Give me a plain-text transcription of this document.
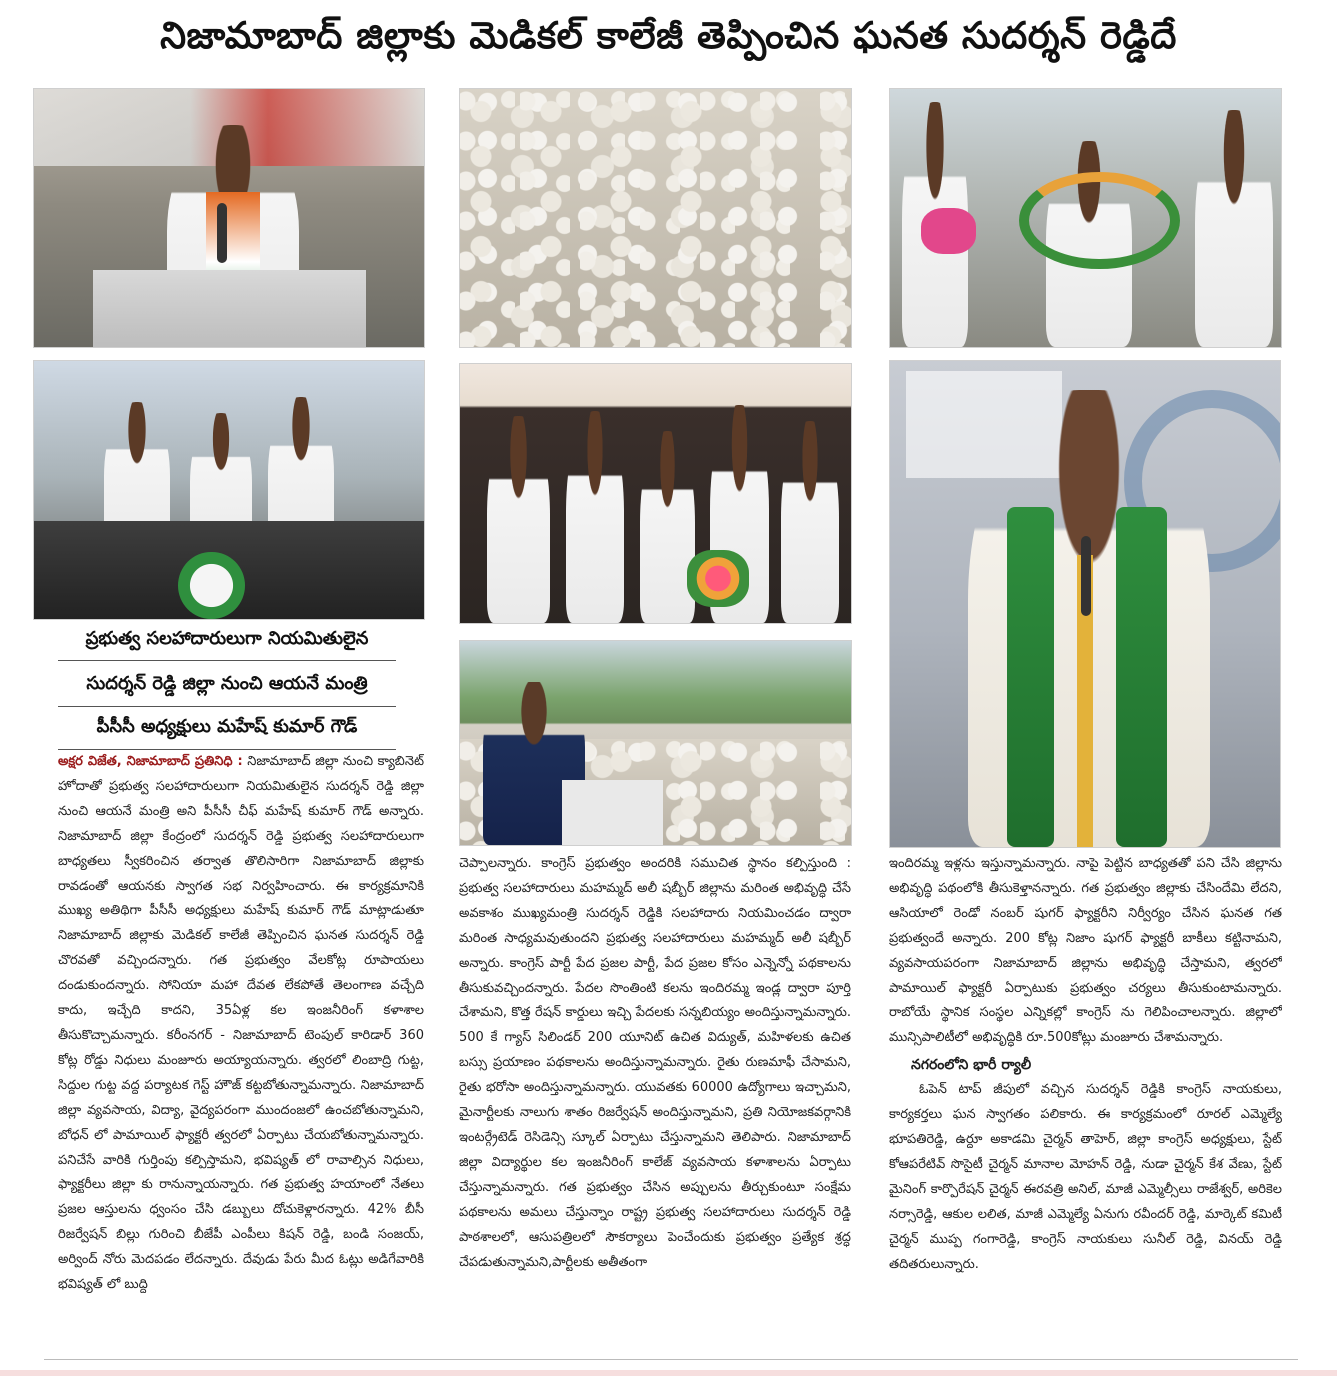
నిజామాబాద్ జిల్లాకు మెడికల్ కాలేజీ తెప్పించిన ఘనత సుదర్శన్ రెడ్డిదే
ప్రభుత్వ సలహాదారులుగా నియమితులైన
సుదర్శన్ రెడ్డి జిల్లా నుంచి ఆయనే మంత్రి
పీసీసీ అధ్యక్షులు మహేష్ కుమార్ గౌడ్
అక్షర విజేత, నిజామాబాద్ ప్రతినిధి : నిజామాబాద్ జిల్లా నుంచి క్యాబినెట్ హోదాతో ప్రభుత్వ సలహాదారులుగా నియమితులైన సుదర్శన్ రెడ్డి జిల్లా నుంచి ఆయనే మంత్రి అని పీసీసీ చీఫ్ మహేష్ కుమార్ గౌడ్ అన్నారు. నిజామాబాద్ జిల్లా కేంద్రంలో సుదర్శన్ రెడ్డి ప్రభుత్వ సలహాదారులుగా బాధ్యతలు స్వీకరించిన తర్వాత తొలిసారిగా నిజామాబాద్ జిల్లాకు రావడంతో ఆయనకు స్వాగత సభ నిర్వహించారు. ఈ కార్యక్రమానికి ముఖ్య అతిథిగా పీసీసీ అధ్యక్షులు మహేష్ కుమార్ గౌడ్ మాట్లాడుతూ నిజామాబాద్ జిల్లాకు మెడికల్ కాలేజీ తెప్పించిన ఘనత సుదర్శన్ రెడ్డి చొరవతో వచ్చిందన్నారు. గత ప్రభుత్వం వేలకోట్ల రూపాయలు దండుకుందన్నారు. సోనియా మహా దేవత లేకపోతే తెలంగాణ వచ్చేది కాదు, ఇచ్చేది కాదని, 35ఏళ్ల కల ఇంజనీరింగ్ కళాశాల తీసుకొచ్చామన్నారు. కరీంనగర్ - నిజామాబాద్ టెంపుల్ కారిడార్ 360 కోట్ల రోడ్డు నిధులు మంజూరు అయ్యాయన్నారు. త్వరలో లింబాద్రి గుట్ట, సిద్దుల గుట్ట వద్ద పర్యాటక గెస్ట్ హౌజ్ కట్టబోతున్నామన్నారు. నిజామాబాద్ జిల్లా వ్యవసాయ, విద్యా, వైద్యపరంగా ముందంజలో ఉంచబోతున్నామని, బోధన్ లో పామాయిల్ ఫ్యాక్టరీ త్వరలో ఏర్పాటు చేయబోతున్నామన్నారు. పనిచేసే వారికి గుర్తింపు కల్పిస్తామని, భవిష్యత్ లో రావాల్సిన నిధులు, ఫ్యాక్టరీలు జిల్లా కు రానున్నాయన్నారు. గత ప్రభుత్వ హయాంలో నేతలు ప్రజల ఆస్తులను ధ్వంసం చేసి డబ్బులు దోచుకెళ్లారన్నారు. 42% బీసీ రిజర్వేషన్ బిల్లు గురించి బీజేపీ ఎంపీలు కిషన్ రెడ్డి, బండి సంజయ్, అర్వింద్ నోరు మెదపడం లేదన్నారు. దేవుడు పేరు మీద ఓట్లు అడిగేవారికి భవిష్యత్ లో బుద్ది
చెప్పాలన్నారు. కాంగ్రెస్ ప్రభుత్వం అందరికి సముచిత స్థానం కల్పిస్తుంది : ప్రభుత్వ సలహాదారులు మహమ్మద్ అలీ షబ్బీర్ జిల్లాను మరింత అభివృద్ధి చేసే అవకాశం ముఖ్యమంత్రి సుదర్శన్ రెడ్డికి సలహాదారు నియమించడం ద్వారా మరింత సాధ్యమవుతుందని ప్రభుత్వ సలహాదారులు మహమ్మద్ అలీ షబ్బీర్ అన్నారు. కాంగ్రెస్ పార్టీ పేద ప్రజల పార్టీ, పేద ప్రజల కోసం ఎన్నెన్నో పథకాలను తీసుకువచ్చిందన్నారు. పేదల సొంతింటి కలను ఇందిరమ్మ ఇండ్ల ద్వారా పూర్తి చేశామని, కొత్త రేషన్ కార్డులు ఇచ్చి పేదలకు సన్నబియ్యం అందిస్తున్నామన్నారు. 500 కే గ్యాస్ సిలిండర్ 200 యూనిట్ ఉచిత విద్యుత్, మహిళలకు ఉచిత బస్సు ప్రయాణం పథకాలను అందిస్తున్నామన్నారు. రైతు రుణమాఫీ చేసామని, రైతు భరోసా అందిస్తున్నామన్నారు. యువతకు 60000 ఉద్యోగాలు ఇచ్చామని, మైనార్టీలకు నాలుగు శాతం రిజర్వేషన్ అందిస్తున్నామని, ప్రతి నియోజకవర్గానికి ఇంటర్గ్రేటెడ్ రెసిడెన్సి స్కూల్ ఏర్పాటు చేస్తున్నామని తెలిపారు. నిజామాబాద్ జిల్లా విద్యార్థుల కల ఇంజనీరింగ్ కాలేజ్ వ్యవసాయ కళాశాలను ఏర్పాటు చేస్తున్నామన్నారు. గత ప్రభుత్వం చేసిన అప్పులను తీర్చుకుంటూ సంక్షేమ పథకాలను అమలు చేస్తున్నాం రాష్ట్ర ప్రభుత్వ సలహాదారులు సుదర్శన్ రెడ్డి పాఠశాలలో, ఆసుపత్రిలలో సౌకర్యాలు పెంచేందుకు ప్రభుత్వం ప్రత్యేక శ్రద్ధ చేపడుతున్నామని,పార్టీలకు అతీతంగా
ఇందిరమ్మ ఇళ్లను ఇస్తున్నామన్నారు. నాపై పెట్టిన బాధ్యతతో పని చేసి జిల్లాను అభివృద్ధి పథంలోకి తీసుకెళ్తానన్నారు. గత ప్రభుత్వం జిల్లాకు చేసిందేమి లేదని, ఆసియాలో రెండో నంబర్ షుగర్ ఫ్యాక్టరీని నిర్వీర్యం చేసిన ఘనత గత ప్రభుత్వందే అన్నారు. 200 కోట్ల నిజాం షుగర్ ఫ్యాక్టరీ బాకీలు కట్టినామని, వ్యవసాయపరంగా నిజామాబాద్ జిల్లాను అభివృద్ధి చేస్తామని, త్వరలో పామాయిల్ ఫ్యాక్టరీ ఏర్పాటుకు ప్రభుత్వం చర్యలు తీసుకుంటామన్నారు. రాబోయే స్థానిక సంస్థల ఎన్నికల్లో కాంగ్రెస్ ను గెలిపించాలన్నారు. జిల్లాలో మున్సిపాలిటీలో అభివృద్ధికి రూ.500కోట్లు మంజూరు చేశామన్నారు.
నగరంలోని భారీ ర్యాలీ
ఓపెన్ టాప్ జీపులో వచ్చిన సుదర్శన్ రెడ్డికి కాంగ్రెస్ నాయకులు, కార్యకర్తలు ఘన స్వాగతం పలికారు. ఈ కార్యక్రమంలో రూరల్ ఎమ్మెల్యే భూపతిరెడ్డి, ఉర్దూ అకాడమి చైర్మన్ తాహెర్, జిల్లా కాంగ్రెస్ అధ్యక్షులు, స్టేట్ కోఆపరేటివ్ సొసైటీ చైర్మన్ మానాల మోహన్ రెడ్డి, నుడా చైర్మన్ కేశ వేణు, స్టేట్ మైనింగ్ కార్పొరేషన్ చైర్మన్ ఈరవత్రి అనిల్, మాజీ ఎమ్మెల్సీలు రాజేశ్వర్, అరికెల నర్సారెడ్డి, ఆకుల లలిత, మాజీ ఎమ్మెల్యే ఏనుగు రవీందర్ రెడ్డి, మార్కెట్ కమిటీ చైర్మన్ ముప్ప గంగారెడ్డి, కాంగ్రెస్ నాయకులు సునీల్ రెడ్డి, వినయ్ రెడ్డి తదితరులున్నారు.
